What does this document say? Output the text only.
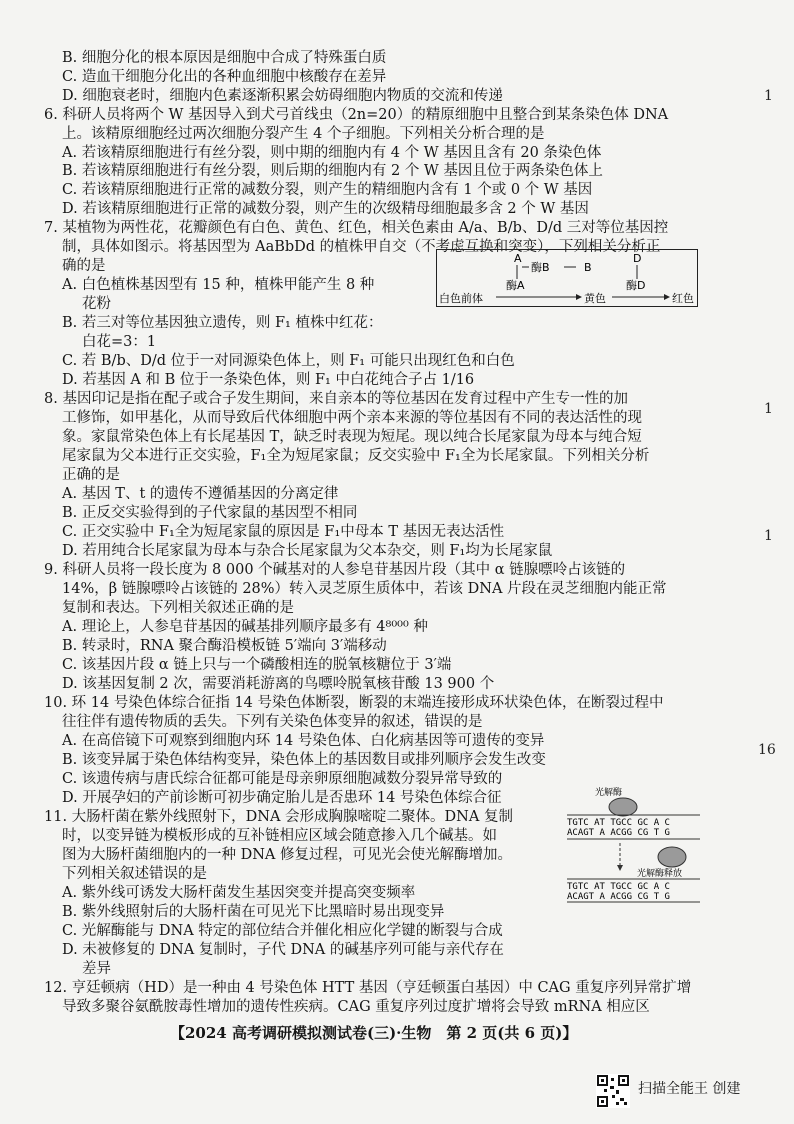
B. 细胞分化的根本原因是细胞中合成了特殊蛋白质
C. 造血干细胞分化出的各种血细胞中核酸存在差异
D. 细胞衰老时，细胞内色素逐渐积累会妨碍细胞内物质的交流和传递
6. 科研人员将两个 W 基因导入到犬弓首线虫（2n=20）的精原细胞中且整合到某条染色体 DNA
上。该精原细胞经过两次细胞分裂产生 4 个子细胞。下列相关分析合理的是
A. 若该精原细胞进行有丝分裂，则中期的细胞内有 4 个 W 基因且含有 20 条染色体
B. 若该精原细胞进行有丝分裂，则后期的细胞内有 2 个 W 基因且位于两条染色体上
C. 若该精原细胞进行正常的减数分裂，则产生的精细胞内含有 1 个或 0 个 W 基因
D. 若该精原细胞进行正常的减数分裂，则产生的次级精母细胞最多含 2 个 W 基因
7. 某植物为两性花，花瓣颜色有白色、黄色、红色，相关色素由 A/a、B/b、D/d 三对等位基因控
制，具体如图示。将基因型为 AaBbDd 的植株甲自交（不考虑互换和突变），下列相关分析正
确的是
A. 白色植株基因型有 15 种，植株甲能产生 8 种
花粉
B. 若三对等位基因独立遗传，则 F₁ 植株中红花：
白花=3：1
C. 若 B/b、D/d 位于一对同源染色体上，则 F₁ 可能只出现红色和白色
D. 若基因 A 和 B 位于一条染色体，则 F₁ 中白花纯合子占 1/16
8. 基因印记是指在配子或合子发生期间，来自亲本的等位基因在发育过程中产生专一性的加
工修饰，如甲基化，从而导致后代体细胞中两个亲本来源的等位基因有不同的表达活性的现
象。家鼠常染色体上有长尾基因 T，缺乏时表现为短尾。现以纯合长尾家鼠为母本与纯合短
尾家鼠为父本进行正交实验，F₁全为短尾家鼠；反交实验中 F₁全为长尾家鼠。下列相关分析
正确的是
A. 基因 T、t 的遗传不遵循基因的分离定律
B. 正反交实验得到的子代家鼠的基因型不相同
C. 正交实验中 F₁全为短尾家鼠的原因是 F₁中母本 T 基因无表达活性
D. 若用纯合长尾家鼠为母本与杂合长尾家鼠为父本杂交，则 F₁均为长尾家鼠
9. 科研人员将一段长度为 8 000 个碱基对的人参皂苷基因片段（其中 α 链腺嘌呤占该链的
14%，β 链腺嘌呤占该链的 28%）转入灵芝原生质体中，若该 DNA 片段在灵芝细胞内能正常
复制和表达。下列相关叙述正确的是
A. 理论上，人参皂苷基因的碱基排列顺序最多有 4⁸⁰⁰⁰ 种
B. 转录时，RNA 聚合酶沿模板链 5′端向 3′端移动
C. 该基因片段 α 链上只与一个磷酸相连的脱氧核糖位于 3′端
D. 该基因复制 2 次，需要消耗游离的鸟嘌呤脱氧核苷酸 13 900 个
10. 环 14 号染色体综合征指 14 号染色体断裂，断裂的末端连接形成环状染色体，在断裂过程中
往往伴有遗传物质的丢失。下列有关染色体变异的叙述，错误的是
A. 在高倍镜下可观察到细胞内环 14 号染色体、白化病基因等可遗传的变异
B. 该变异属于染色体结构变异，染色体上的基因数目或排列顺序会发生改变
C. 该遗传病与唐氏综合征都可能是母亲卵原细胞减数分裂异常导致的
D. 开展孕妇的产前诊断可初步确定胎儿是否患环 14 号染色体综合征
11. 大肠杆菌在紫外线照射下，DNA 会形成胸腺嘧啶二聚体。DNA 复制
时，以变异链为模板形成的互补链相应区域会随意掺入几个碱基。如
图为大肠杆菌细胞内的一种 DNA 修复过程，可见光会使光解酶增加。
下列相关叙述错误的是
A. 紫外线可诱发大肠杆菌发生基因突变并提高突变频率
B. 紫外线照射后的大肠杆菌在可见光下比黑暗时易出现变异
C. 光解酶能与 DNA 特定的部位结合并催化相应化学键的断裂与合成
D. 未被修复的 DNA 复制时，子代 DNA 的碱基序列可能与亲代存在
差异
12. 亨廷顿病（HD）是一种由 4 号染色体 HTT 基因（亨廷顿蛋白基因）中 CAG 重复序列异常扩增
导致多聚谷氨酰胺毒性增加的遗传性疾病。CAG 重复序列过度扩增将会导致 mRNA 相应区
A
酶B	B
酶A
D
酶D
白色前体	黄色	红色
光解酶
TGTC AT TGCC GC A C
ACAGT A ACGG CG T G
光解酶释放
TGTC AT TGCC GC A C
ACAGT A ACGG CG T G
1
1
1
16
【2024 高考调研模拟测试卷(三)·生物　第 2 页(共 6 页)】
扫描全能王 创建
